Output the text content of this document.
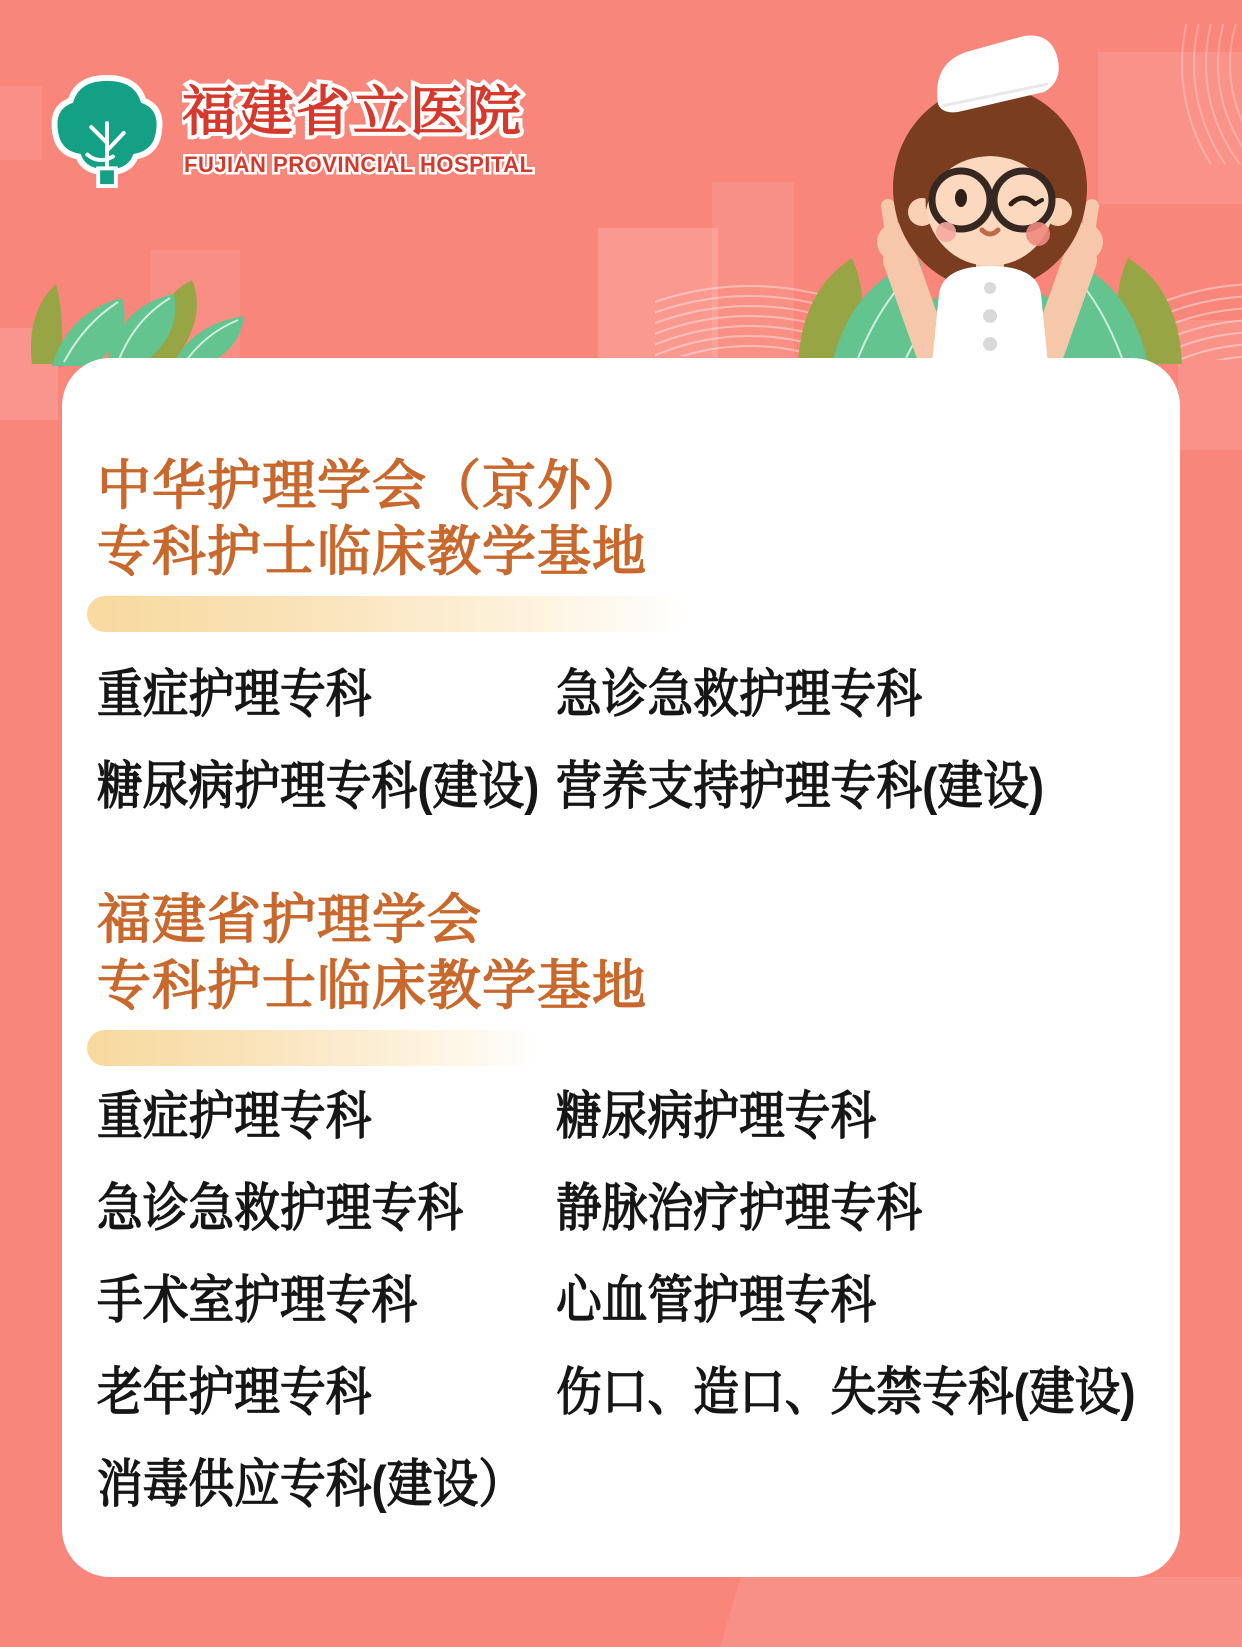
福建省立医院
FUJIAN PROVINCIAL HOSPITAL
中华护理学会（京外）
专科护士临床教学基地
重症护理专科	急诊急救护理专科
糖尿病护理专科(建设) 营养支持护理专科(建设)
福建省护理学会
专科护士临床教学基地
重症护理专科	糖尿病护理专科
急诊急救护理专科	静脉治疗护理专科
手术室护理专科	心血管护理专科
老年护理专科	伤口、造口、失禁专科(建设)
消毒供应专科(建设）
